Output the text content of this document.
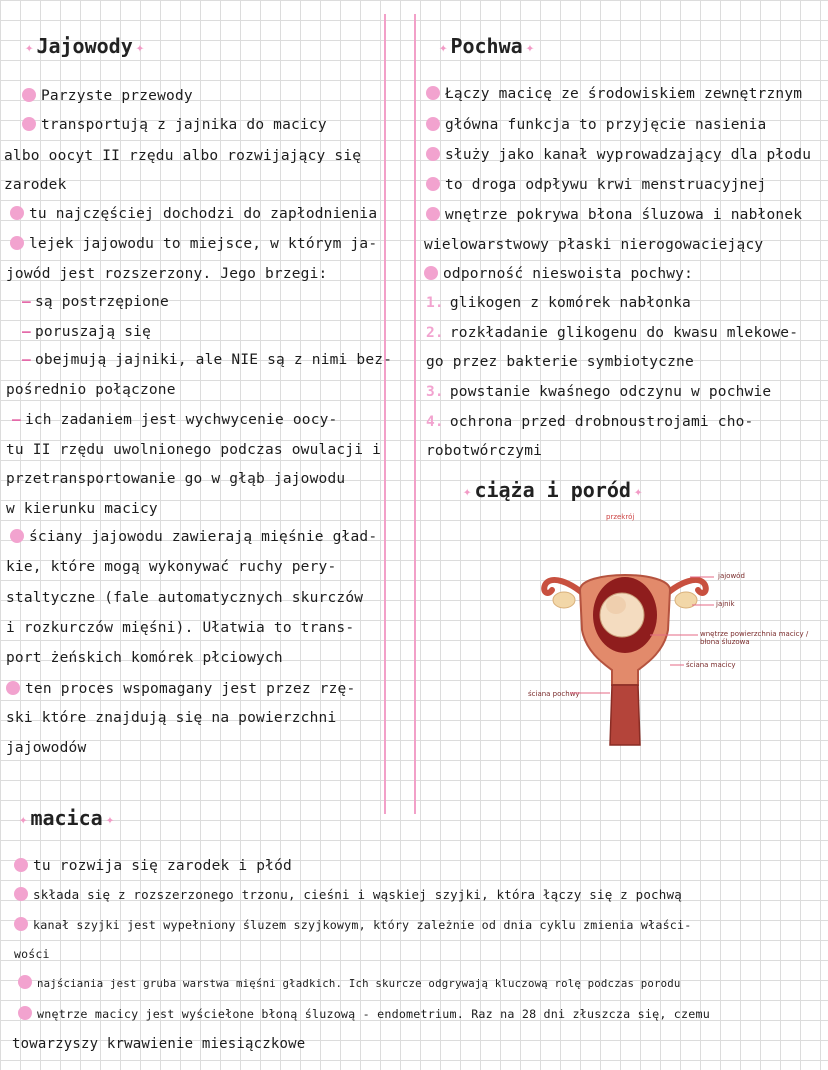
✦ Jajowody ✦
Parzyste przewody
transportują z jajnika do macicy
albo oocyt II rzędu albo rozwijający się
zarodek
tu najczęściej dochodzi do zapłodnienia
lejek jajowodu to miejsce, w którym ja-
jowód jest rozszerzony. Jego brzegi:
– są postrzępione
– poruszają się
– obejmują jajniki, ale NIE są z nimi bez-
pośrednio połączone
– ich zadaniem jest wychwycenie oocy-
tu II rzędu uwolnionego podczas owulacji i
przetransportowanie go w głąb jajowodu
w kierunku macicy
ściany jajowodu zawierają mięśnie gład-
kie, które mogą wykonywać ruchy pery-
staltyczne (fale automatycznych skurczów
i rozkurczów mięśni). Ułatwia to trans-
port żeńskich komórek płciowych
ten proces wspomagany jest przez rzę-
ski które znajdują się na powierzchni
jajowodów
✦ Pochwa ✦
Łączy macicę ze środowiskiem zewnętrznym
główna funkcja to przyjęcie nasienia
służy jako kanał wyprowadzający dla płodu
to droga odpływu krwi menstruacyjnej
wnętrze pokrywa błona śluzowa i nabłonek
wielowarstwowy płaski nierogowaciejący
odporność nieswoista pochwy:
1. glikogen z komórek nabłonka
2. rozkładanie glikogenu do kwasu mlekowe-
go przez bakterie symbiotyczne
3. powstanie kwaśnego odczynu w pochwie
4. ochrona przed drobnoustrojami cho-
robotwórczymi
✦ ciąża i poród ✦
przekrój
jajowód
jajnik
wnętrze powierzchnia macicy / błona śluzowa
ściana macicy
ściana pochwy
✦ macica ✦
tu rozwija się zarodek i płód
składa się z rozszerzonego trzonu, cieśni i wąskiej szyjki, która łączy się z pochwą
kanał szyjki jest wypełniony śluzem szyjkowym, który zależnie od dnia cyklu zmienia właści-
wości
najściania jest gruba warstwa mięśni gładkich. Ich skurcze odgrywają kluczową rolę podczas porodu
wnętrze macicy jest wyściełone błoną śluzową - endometrium. Raz na 28 dni złuszcza się, czemu
towarzyszy krwawienie miesiączkowe
